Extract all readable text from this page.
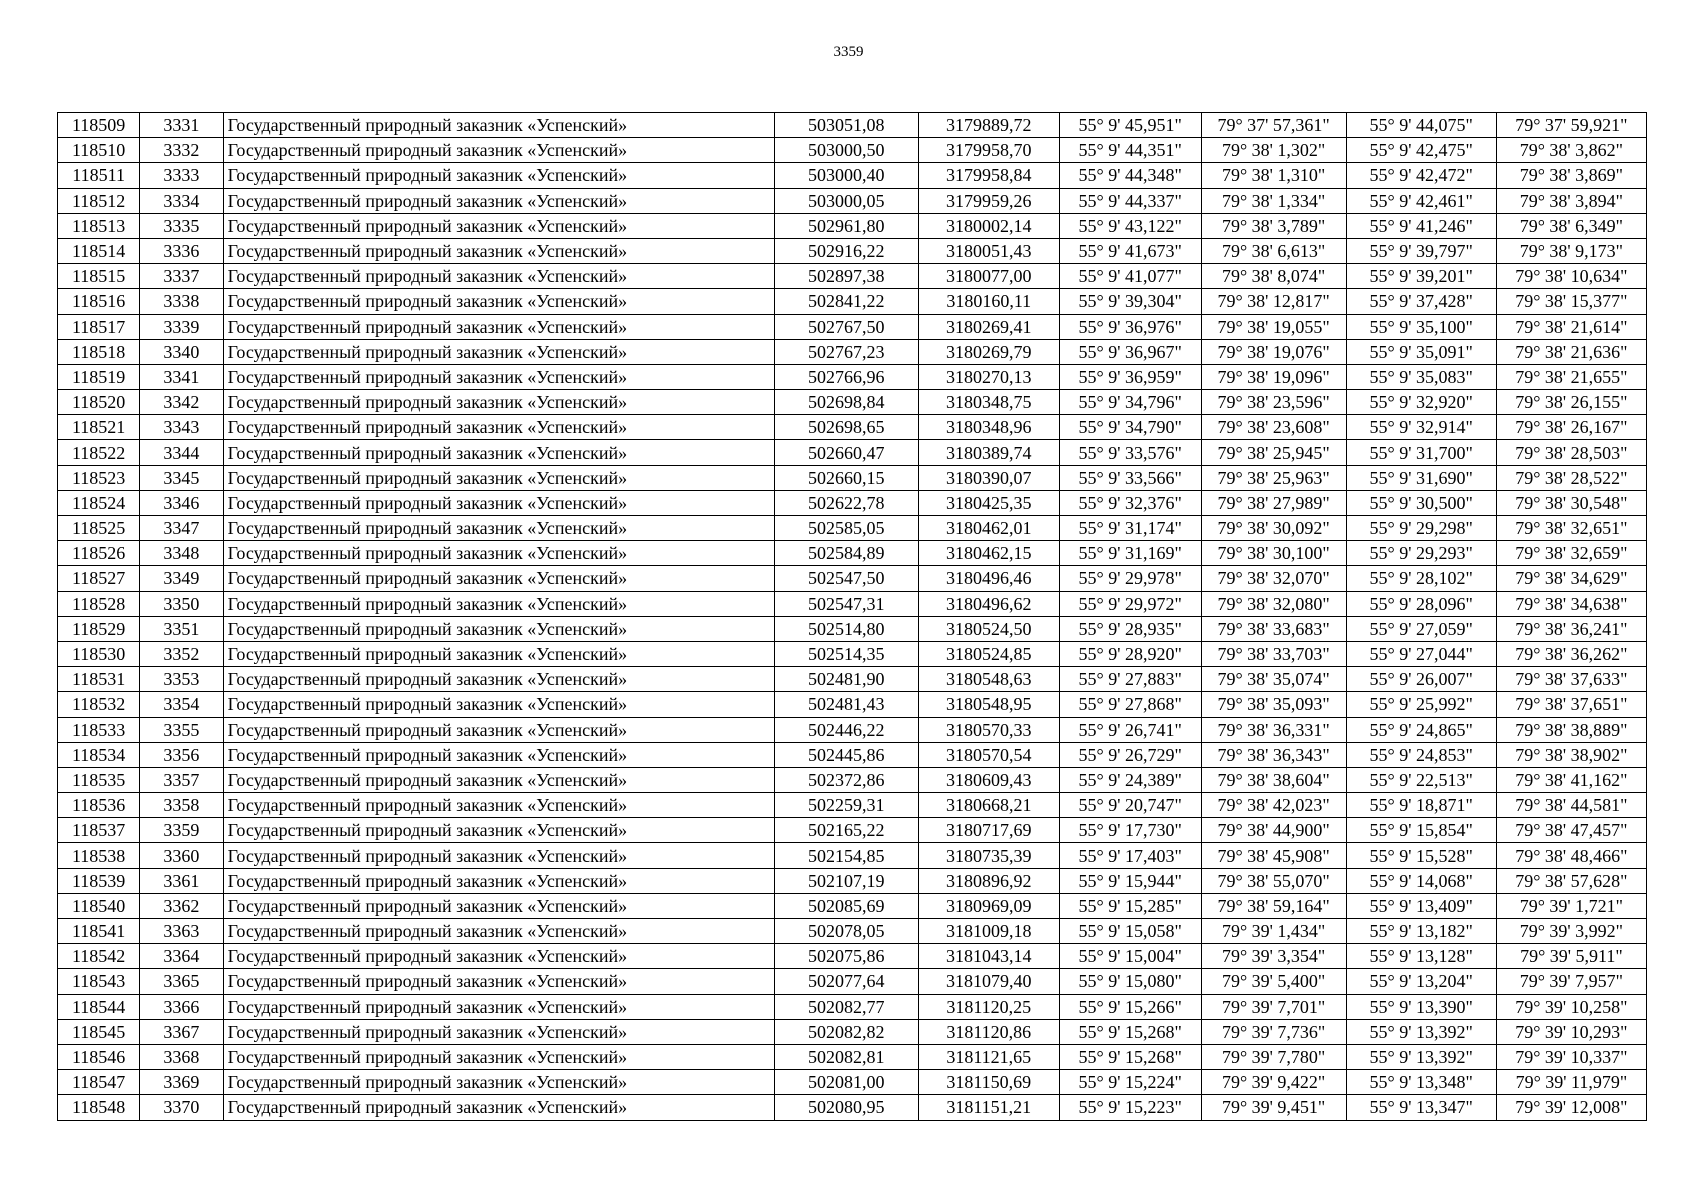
3359
118509	3331	Государственный природный заказник «Успенский»	503051,08	3179889,72	55° 9' 45,951"	79° 37' 57,361"	55° 9' 44,075"	79° 37' 59,921"
118510	3332	Государственный природный заказник «Успенский»	503000,50	3179958,70	55° 9' 44,351"	79° 38' 1,302"	55° 9' 42,475"	79° 38' 3,862"
118511	3333	Государственный природный заказник «Успенский»	503000,40	3179958,84	55° 9' 44,348"	79° 38' 1,310"	55° 9' 42,472"	79° 38' 3,869"
118512	3334	Государственный природный заказник «Успенский»	503000,05	3179959,26	55° 9' 44,337"	79° 38' 1,334"	55° 9' 42,461"	79° 38' 3,894"
118513	3335	Государственный природный заказник «Успенский»	502961,80	3180002,14	55° 9' 43,122"	79° 38' 3,789"	55° 9' 41,246"	79° 38' 6,349"
118514	3336	Государственный природный заказник «Успенский»	502916,22	3180051,43	55° 9' 41,673"	79° 38' 6,613"	55° 9' 39,797"	79° 38' 9,173"
118515	3337	Государственный природный заказник «Успенский»	502897,38	3180077,00	55° 9' 41,077"	79° 38' 8,074"	55° 9' 39,201"	79° 38' 10,634"
118516	3338	Государственный природный заказник «Успенский»	502841,22	3180160,11	55° 9' 39,304"	79° 38' 12,817"	55° 9' 37,428"	79° 38' 15,377"
118517	3339	Государственный природный заказник «Успенский»	502767,50	3180269,41	55° 9' 36,976"	79° 38' 19,055"	55° 9' 35,100"	79° 38' 21,614"
118518	3340	Государственный природный заказник «Успенский»	502767,23	3180269,79	55° 9' 36,967"	79° 38' 19,076"	55° 9' 35,091"	79° 38' 21,636"
118519	3341	Государственный природный заказник «Успенский»	502766,96	3180270,13	55° 9' 36,959"	79° 38' 19,096"	55° 9' 35,083"	79° 38' 21,655"
118520	3342	Государственный природный заказник «Успенский»	502698,84	3180348,75	55° 9' 34,796"	79° 38' 23,596"	55° 9' 32,920"	79° 38' 26,155"
118521	3343	Государственный природный заказник «Успенский»	502698,65	3180348,96	55° 9' 34,790"	79° 38' 23,608"	55° 9' 32,914"	79° 38' 26,167"
118522	3344	Государственный природный заказник «Успенский»	502660,47	3180389,74	55° 9' 33,576"	79° 38' 25,945"	55° 9' 31,700"	79° 38' 28,503"
118523	3345	Государственный природный заказник «Успенский»	502660,15	3180390,07	55° 9' 33,566"	79° 38' 25,963"	55° 9' 31,690"	79° 38' 28,522"
118524	3346	Государственный природный заказник «Успенский»	502622,78	3180425,35	55° 9' 32,376"	79° 38' 27,989"	55° 9' 30,500"	79° 38' 30,548"
118525	3347	Государственный природный заказник «Успенский»	502585,05	3180462,01	55° 9' 31,174"	79° 38' 30,092"	55° 9' 29,298"	79° 38' 32,651"
118526	3348	Государственный природный заказник «Успенский»	502584,89	3180462,15	55° 9' 31,169"	79° 38' 30,100"	55° 9' 29,293"	79° 38' 32,659"
118527	3349	Государственный природный заказник «Успенский»	502547,50	3180496,46	55° 9' 29,978"	79° 38' 32,070"	55° 9' 28,102"	79° 38' 34,629"
118528	3350	Государственный природный заказник «Успенский»	502547,31	3180496,62	55° 9' 29,972"	79° 38' 32,080"	55° 9' 28,096"	79° 38' 34,638"
118529	3351	Государственный природный заказник «Успенский»	502514,80	3180524,50	55° 9' 28,935"	79° 38' 33,683"	55° 9' 27,059"	79° 38' 36,241"
118530	3352	Государственный природный заказник «Успенский»	502514,35	3180524,85	55° 9' 28,920"	79° 38' 33,703"	55° 9' 27,044"	79° 38' 36,262"
118531	3353	Государственный природный заказник «Успенский»	502481,90	3180548,63	55° 9' 27,883"	79° 38' 35,074"	55° 9' 26,007"	79° 38' 37,633"
118532	3354	Государственный природный заказник «Успенский»	502481,43	3180548,95	55° 9' 27,868"	79° 38' 35,093"	55° 9' 25,992"	79° 38' 37,651"
118533	3355	Государственный природный заказник «Успенский»	502446,22	3180570,33	55° 9' 26,741"	79° 38' 36,331"	55° 9' 24,865"	79° 38' 38,889"
118534	3356	Государственный природный заказник «Успенский»	502445,86	3180570,54	55° 9' 26,729"	79° 38' 36,343"	55° 9' 24,853"	79° 38' 38,902"
118535	3357	Государственный природный заказник «Успенский»	502372,86	3180609,43	55° 9' 24,389"	79° 38' 38,604"	55° 9' 22,513"	79° 38' 41,162"
118536	3358	Государственный природный заказник «Успенский»	502259,31	3180668,21	55° 9' 20,747"	79° 38' 42,023"	55° 9' 18,871"	79° 38' 44,581"
118537	3359	Государственный природный заказник «Успенский»	502165,22	3180717,69	55° 9' 17,730"	79° 38' 44,900"	55° 9' 15,854"	79° 38' 47,457"
118538	3360	Государственный природный заказник «Успенский»	502154,85	3180735,39	55° 9' 17,403"	79° 38' 45,908"	55° 9' 15,528"	79° 38' 48,466"
118539	3361	Государственный природный заказник «Успенский»	502107,19	3180896,92	55° 9' 15,944"	79° 38' 55,070"	55° 9' 14,068"	79° 38' 57,628"
118540	3362	Государственный природный заказник «Успенский»	502085,69	3180969,09	55° 9' 15,285"	79° 38' 59,164"	55° 9' 13,409"	79° 39' 1,721"
118541	3363	Государственный природный заказник «Успенский»	502078,05	3181009,18	55° 9' 15,058"	79° 39' 1,434"	55° 9' 13,182"	79° 39' 3,992"
118542	3364	Государственный природный заказник «Успенский»	502075,86	3181043,14	55° 9' 15,004"	79° 39' 3,354"	55° 9' 13,128"	79° 39' 5,911"
118543	3365	Государственный природный заказник «Успенский»	502077,64	3181079,40	55° 9' 15,080"	79° 39' 5,400"	55° 9' 13,204"	79° 39' 7,957"
118544	3366	Государственный природный заказник «Успенский»	502082,77	3181120,25	55° 9' 15,266"	79° 39' 7,701"	55° 9' 13,390"	79° 39' 10,258"
118545	3367	Государственный природный заказник «Успенский»	502082,82	3181120,86	55° 9' 15,268"	79° 39' 7,736"	55° 9' 13,392"	79° 39' 10,293"
118546	3368	Государственный природный заказник «Успенский»	502082,81	3181121,65	55° 9' 15,268"	79° 39' 7,780"	55° 9' 13,392"	79° 39' 10,337"
118547	3369	Государственный природный заказник «Успенский»	502081,00	3181150,69	55° 9' 15,224"	79° 39' 9,422"	55° 9' 13,348"	79° 39' 11,979"
118548	3370	Государственный природный заказник «Успенский»	502080,95	3181151,21	55° 9' 15,223"	79° 39' 9,451"	55° 9' 13,347"	79° 39' 12,008"
